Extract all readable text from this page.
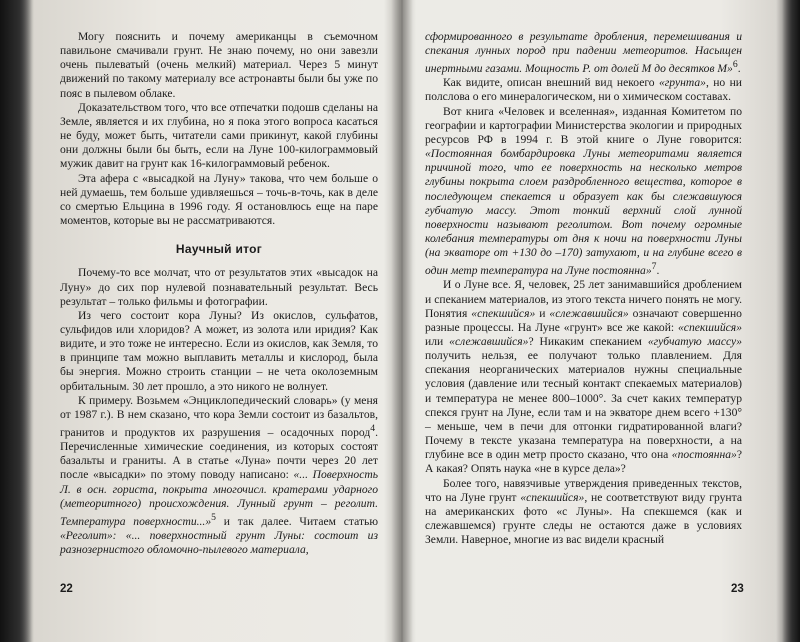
Могу пояснить и почему американцы в съемочном павильоне смачивали грунт. Не знаю почему, но они завезли очень пылеватый (очень мелкий) материал. Через 5 минут движений по такому материалу все астронавты были бы уже по пояс в пылевом облаке.

Доказательством того, что все отпечатки подошв сделаны на Земле, является и их глубина, но я пока этого вопроса касаться не буду, может быть, читатели сами прикинут, какой глубины они должны были бы быть, если на Луне 100-килограммовый мужик давит на грунт как 16-килограммовый ребенок.

Эта афера с «высадкой на Луну» такова, что чем больше о ней думаешь, тем больше удивляешься – точь-в-точь, как в деле со смертью Ельцина в 1996 году. Я остановлюсь еще на паре моментов, которые вы не рассматриваются.

Научный итог

Почему-то все молчат, что от результатов этих «высадок на Луну» до сих пор нулевой познавательный результат. Весь результат – только фильмы и фотографии.

Из чего состоит кора Луны? Из окислов, сульфатов, сульфидов или хлоридов? А может, из золота или иридия? Как видите, и это тоже не интересно. Если из окислов, как Земля, то в принципе там можно выплавить металлы и кислород, была бы энергия. Можно строить станции – не чета околоземным орбитальным. 30 лет прошло, а это никого не волнует.

К примеру. Возьмем «Энциклопедический словарь» (у меня от 1987 г.). В нем сказано, что кора Земли состоит из базальтов, гранитов и продуктов их разрушения – осадочных пород$^4$. Перечисленные химические соединения, из которых состоят базальты и граниты. А в статье «Луна» почти через 20 лет после «высадки» по этому поводу написано: «... Поверхность Л. в осн. гориста, покрыта многочисл. кратерами ударного (метеоритного) происхождения. Лунный грунт – реголит. Температура поверхности...»$^5$ и так далее. Читаем статью «Реголит»: «... поверхностный грунт Луны: состоит из разнозернистого обломочно-пылевого материала,

22

сформированного в результате дробления, перемешивания и спекания лунных пород при падении метеоритов. Насыщен инертными газами. Мощность Р. от долей М до десятков М»$^6$.

Как видите, описан внешний вид некоего «грунта», но ни полслова о его минералогическом, ни о химическом составах.

Вот книга «Человек и вселенная», изданная Комитетом по географии и картографии Министерства экологии и природных ресурсов РФ в 1994 г. В этой книге о Луне говорится: «Постоянная бомбардировка Луны метеоритами является причиной того, что ее поверхность на несколько метров глубины покрыта слоем раздробленного вещества, которое в последующем спекается и образует как бы слежавшуюся губчатую массу. Этот тонкий верхний слой лунной поверхности называют реголитом. Вот почему огромные колебания температуры от дня к ночи на поверхности Луны (на экваторе от +130 до –170) затухают, и на глубине всего в один метр температура на Луне постоянна»$^7$.

И о Луне все. Я, человек, 25 лет занимавшийся дроблением и спеканием материалов, из этого текста ничего понять не могу. Понятия «спекшийся» и «слежавшийся» означают совершенно разные процессы. На Луне «грунт» все же какой: «спекшийся» или «слежавшийся»? Никаким спеканием «губчатую массу» получить нельзя, ее получают только плавлением. Для спекания неорганических материалов нужны специальные условия (давление или тесный контакт спекаемых материалов) и температура не менее 800–1000°. За счет каких температур спекся грунт на Луне, если там и на экваторе днем всего +130° – меньше, чем в печи для отгонки гидратированной влаги? Почему в тексте указана температура на поверхности, а на глубине все в один метр просто сказано, что она «постоянна»? А какая? Опять наука «не в курсе дела»?

Более того, навязчивые утверждения приведенных текстов, что на Луне грунт «спекшийся», не соответствуют виду грунта на американских фото «с Луны». На спекшемся (как и слежавшемся) грунте следы не остаются даже в условиях Земли. Наверное, многие из вас видели красный

23
